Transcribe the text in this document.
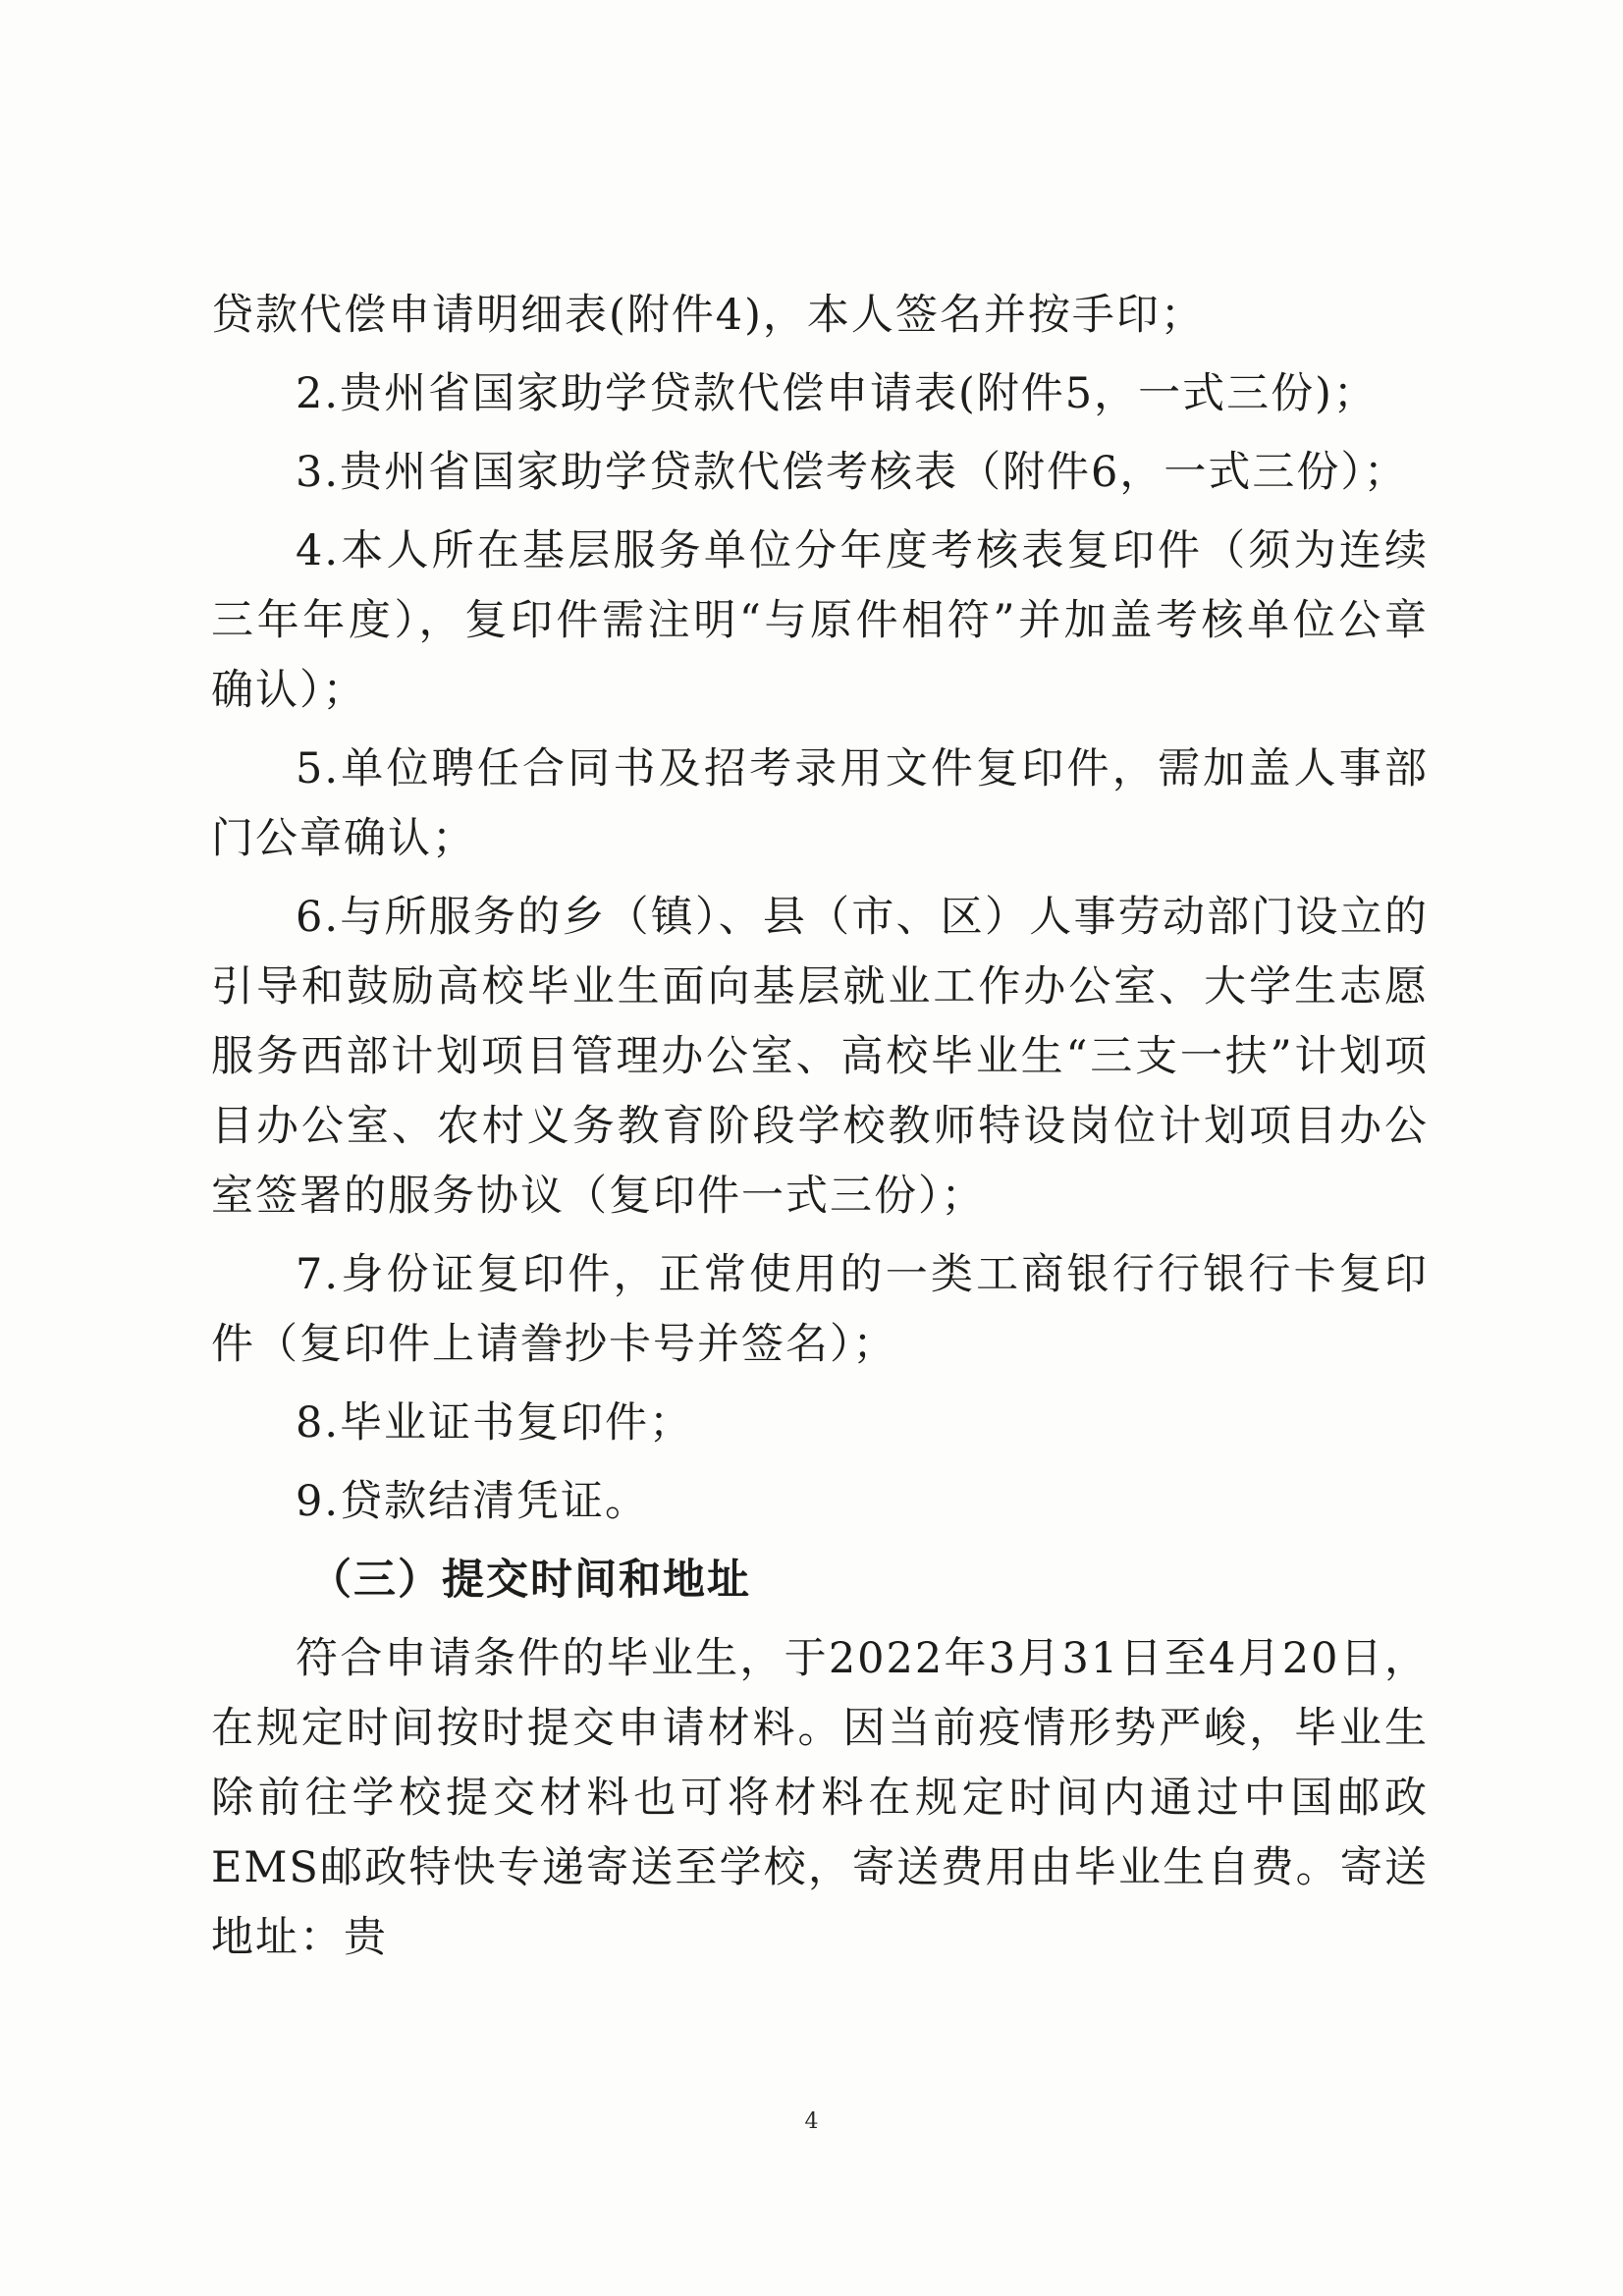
贷款代偿申请明细表(附件4)，本人签名并按手印；

2.贵州省国家助学贷款代偿申请表(附件5，一式三份)；

3.贵州省国家助学贷款代偿考核表（附件6，一式三份）；

4.本人所在基层服务单位分年度考核表复印件（须为连续三年年度），复印件需注明“与原件相符”并加盖考核单位公章确认）；

5.单位聘任合同书及招考录用文件复印件，需加盖人事部门公章确认；

6.与所服务的乡（镇）、县（市、区）人事劳动部门设立的引导和鼓励高校毕业生面向基层就业工作办公室、大学生志愿服务西部计划项目管理办公室、高校毕业生“三支一扶”计划项目办公室、农村义务教育阶段学校教师特设岗位计划项目办公室签署的服务协议（复印件一式三份）；

7.身份证复印件，正常使用的一类工商银行行银行卡复印件（复印件上请誊抄卡号并签名）；

8.毕业证书复印件；

9.贷款结清凭证。

（三）提交时间和地址

符合申请条件的毕业生，于2022年3月31日至4月20日，在规定时间按时提交申请材料。因当前疫情形势严峻，毕业生除前往学校提交材料也可将材料在规定时间内通过中国邮政EMS邮政特快专递寄送至学校，寄送费用由毕业生自费。寄送地址：贵

4
